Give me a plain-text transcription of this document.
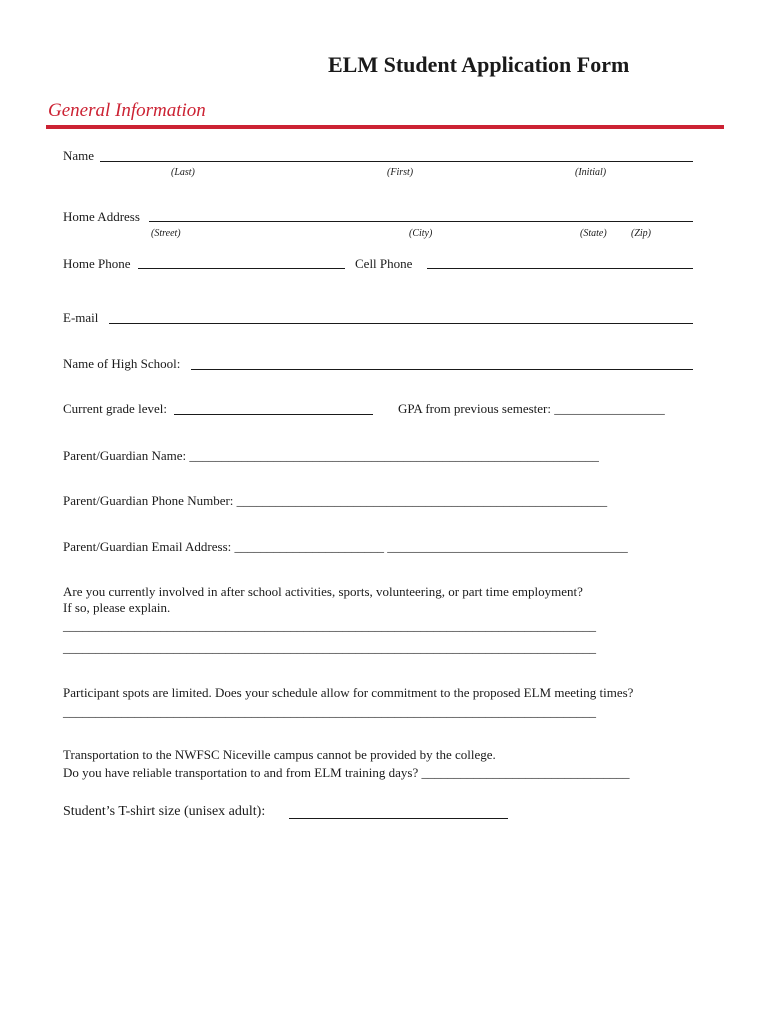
ELM Student Application Form
General Information
Name
(Last)	(First)	(Initial)
Home Address
(Street)	(City)	(State) (Zip)
Home Phone	Cell Phone
E-mail
Name of High School:
Current grade level:	GPA from previous semester: _________________
Parent/Guardian Name: _______________________________________________________________
Parent/Guardian Phone Number: _________________________________________________________
Parent/Guardian Email Address: _______________________ _____________________________________
Are you currently involved in after school activities, sports, volunteering, or part time employment?
If so, please explain.
__________________________________________________________________________________
__________________________________________________________________________________
Participant spots are limited. Does your schedule allow for commitment to the proposed ELM meeting times?
__________________________________________________________________________________
Transportation to the NWFSC Niceville campus cannot be provided by the college.
Do you have reliable transportation to and from ELM training days? ________________________________
Student’s T-shirt size (unisex adult):
